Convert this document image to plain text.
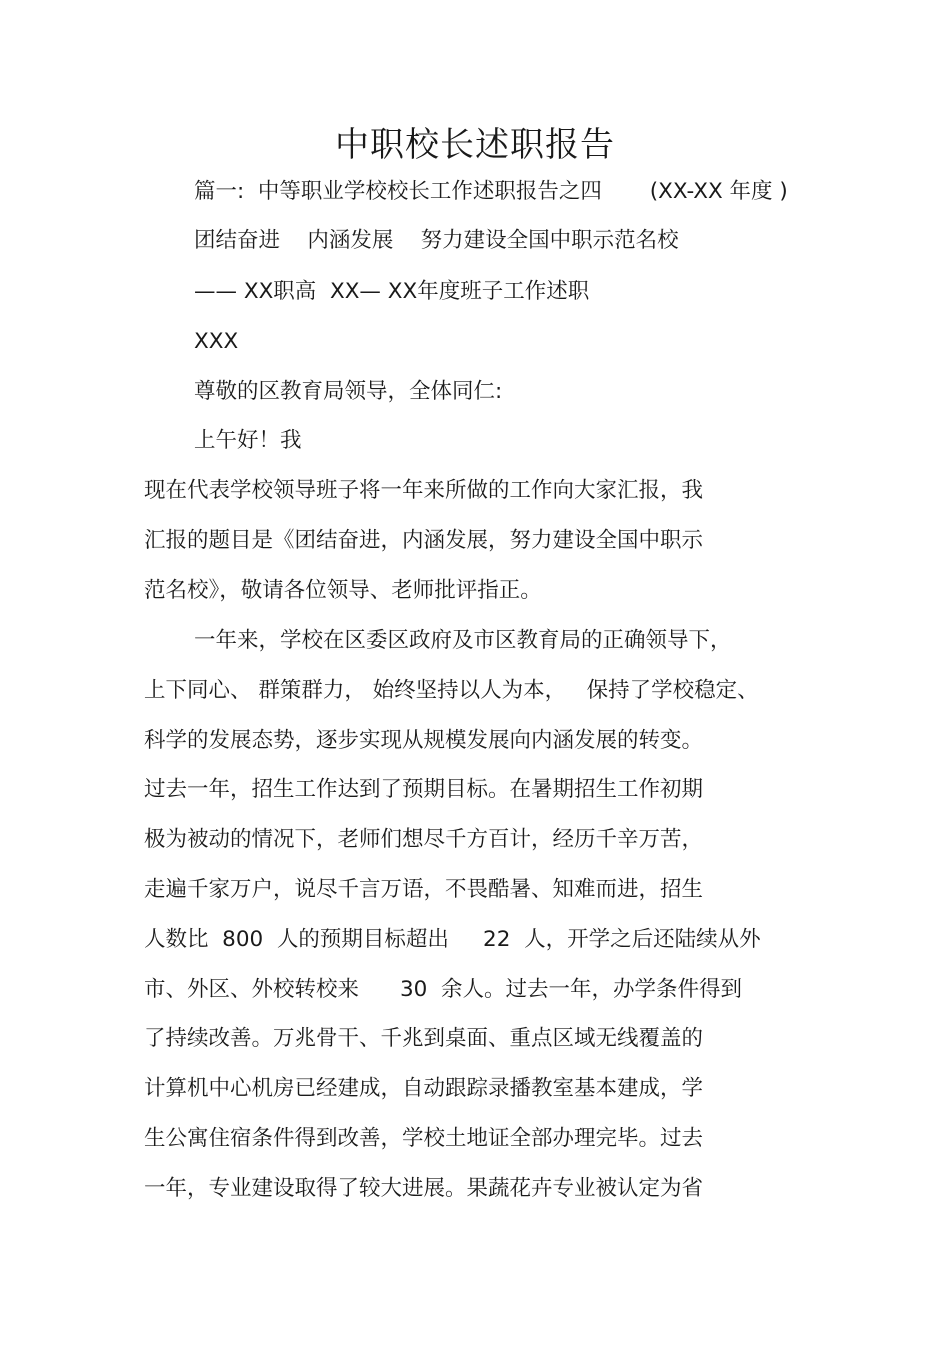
中职校长述职报告
篇一:  中等职业学校校长工作述职报告之四       (XX-XX 年度 )
团结奋进    内涵发展    努力建设全国中职示范名校
—— XX职高  XX— XX年度班子工作述职
XXX
尊敬的区教育局领导，全体同仁:
上午好！我
现在代表学校领导班子将一年来所做的工作向大家汇报，我
汇报的题目是《团结奋进，内涵发展，努力建设全国中职示
范名校》，敬请各位领导、老师批评指正。
一年来，学校在区委区政府及市区教育局的正确领导下，
上下同心、 群策群力， 始终坚持以人为本，   保持了学校稳定、
科学的发展态势，逐步实现从规模发展向内涵发展的转变。
过去一年，招生工作达到了预期目标。在暑期招生工作初期
极为被动的情况下，老师们想尽千方百计，经历千辛万苦，
走遍千家万户，说尽千言万语，不畏酷暑、知难而进，招生
人数比  800  人的预期目标超出     22  人，开学之后还陆续从外
市、外区、外校转校来      30  余人。过去一年，办学条件得到
了持续改善。万兆骨干、千兆到桌面、重点区域无线覆盖的
计算机中心机房已经建成，自动跟踪录播教室基本建成，学
生公寓住宿条件得到改善，学校土地证全部办理完毕。过去
一年，专业建设取得了较大进展。果蔬花卉专业被认定为省
